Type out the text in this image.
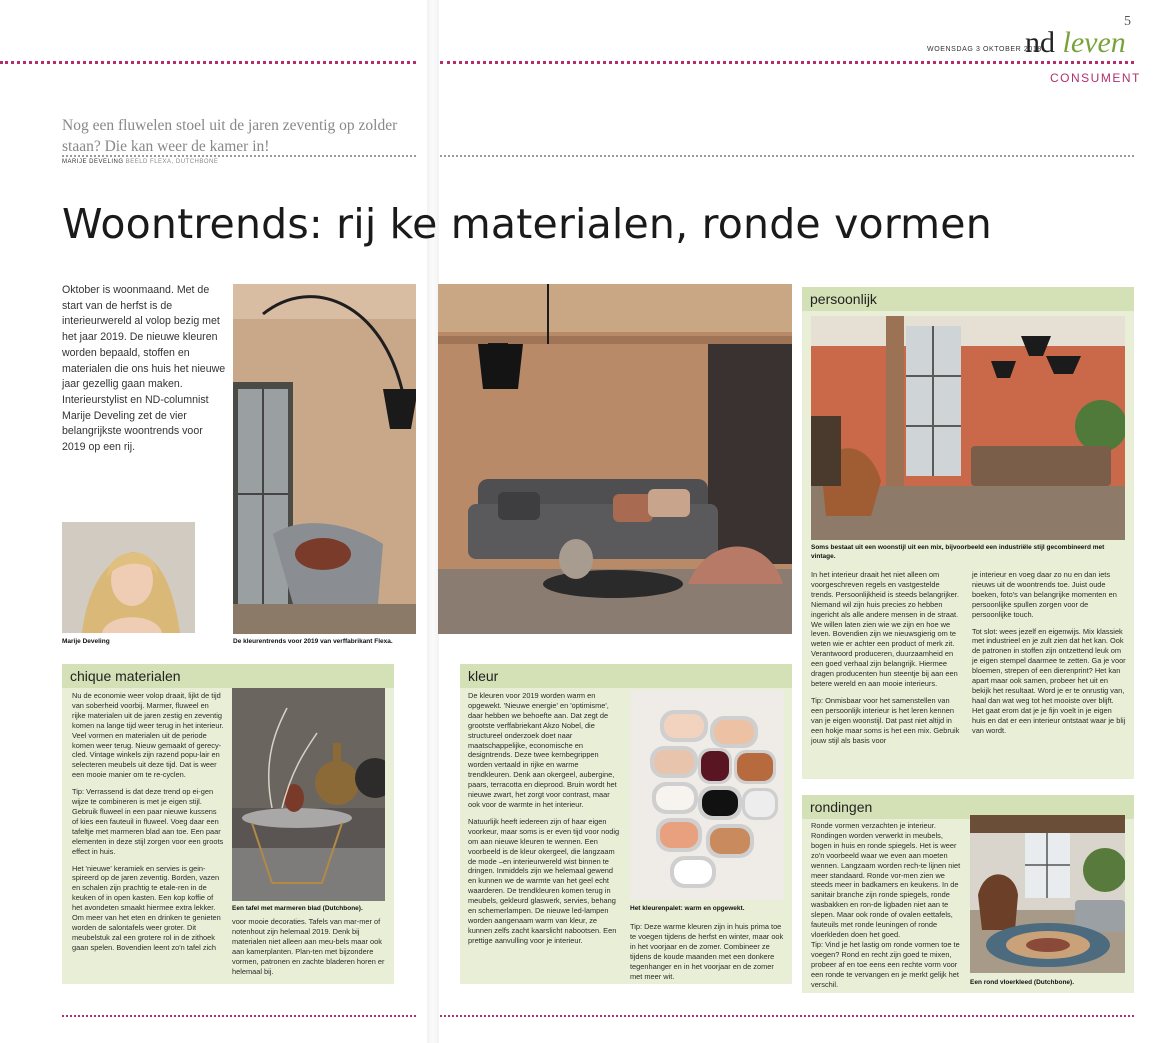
5
WOENSDAG 3 OKTOBER 2018
nd leven
CONSUMENT
Nog een fluwelen stoel uit de jaren zeventig op zolder staan? Die kan weer de kamer in!
MARIJE DEVELING BEELD FLEXA, DUTCHBONE
Woontrends: rij ke materialen, ronde vormen
Oktober is woonmaand. Met de start van de herfst is de interieurwereld al volop bezig met het jaar 2019. De nieuwe kleuren worden bepaald, stoffen en materialen die ons huis het nieuwe jaar gezellig gaan maken. Interieurstylist en ND-columnist Marije Develing zet de vier belangrijkste woontrends voor 2019 op een rij.
Marije Develing	De kleurentrends voor 2019 van verffabrikant Flexa.
persoonlijk
Soms bestaat uit een woonstijl uit een mix, bijvoorbeeld een industriële stijl gecombineerd met vintage.

In het interieur draait het niet alleen om voorgeschreven regels en vastgestelde trends. Persoonlijkheid is steeds belangrijker. Niemand wil zijn huis precies zo hebben ingericht als alle andere mensen in de straat. We willen laten zien wie we zijn en hoe we leven. Bovendien zijn we nieuwsgierig om te weten wie er achter een product of merk zit. Verantwoord produceren, duurzaamheid en een goed verhaal zijn belangrijk. Hiermee dragen producenten hun steentje bij aan een betere wereld en aan mooie interieurs.

Tip: Onmisbaar voor het samenstellen van een persoonlijk interieur is het leren kennen van je eigen woonstijl. Dat past niet altijd in een hokje maar soms is het een mix. Gebruik jouw stijl als basis voor

je interieur en voeg daar zo nu en dan iets nieuws uit de woontrends toe. Juist oude boeken, foto's van belangrijke momenten en persoonlijke spullen zorgen voor de persoonlijke touch.

Tot slot: wees jezelf en eigenwijs. Mix klassiek met industrieel en je zult zien dat het kan. Ook de patronen in stoffen zijn ontzettend leuk om je eigen stempel daarmee te zetten. Ga je voor bloemen, strepen of een dierenprint? Het kan apart maar ook samen, probeer het uit en bekijk het resultaat. Word je er te onrustig van, haal dan wat weg tot het mooiste over blijft. Het gaat erom dat je je fijn voelt in je eigen huis en dat er een interieur ontstaat waar je blij van wordt.

chique materialen

Nu de economie weer volop draait, lijkt de tijd van soberheid voorbij. Marmer, fluweel en rijke materialen uit de jaren zestig en zeventig komen na lange tijd weer terug in het interieur. Veel vormen en materialen uit de periode komen weer terug. Nieuw gemaakt of gerecy-cled. Vintage winkels zijn razend popu-lair en selecteren meubels uit deze tijd. Dat is weer een mooie manier om te re-cyclen.

Tip: Verrassend is dat deze trend op ei-gen wijze te combineren is met je eigen stijl. Gebruik fluweel in een paar nieuwe kussens of kies een fauteuil in fluweel. Voeg daar een tafeltje met marmeren blad aan toe. Een paar elementen in deze stijl zorgen voor een groots effect in huis.

Het 'nieuwe' keramiek en servies is gein-spireerd op de jaren zeventig. Borden, vazen en schalen zijn prachtig te etale-ren in de keuken of in open kasten. Een kop koffie of het avondeten smaakt hiermee extra lekker. Om meer van het eten en drinken te genieten worden de salontafels weer groter. Dit meubelstuk zal een grotere rol in de zithoek gaan spelen. Bovendien leent zo'n tafel zich

Een tafel met marmeren blad (Dutchbone).

voor mooie decoraties. Tafels van mar-mer of notenhout zijn helemaal 2019. Denk bij materialen niet alleen aan meu-bels maar ook aan kamerplanten. Plan-ten met bijzondere vormen, patronen en zachte bladeren horen er helemaal bij.

kleur

De kleuren voor 2019 worden warm en opgewekt. 'Nieuwe energie' en 'optimisme', daar hebben we behoefte aan. Dat zegt de grootste verffabriekant Akzo Nobel, die structureel onderzoek doet naar maatschappelijke, economische en designtrends. Deze twee kernbegrippen worden vertaald in rijke en warme trendkleuren. Denk aan okergeel, aubergine, paars, terracotta en dieprood. Bruin wordt het nieuwe zwart, het zorgt voor contrast, maar ook voor de warmte in het interieur.

Natuurlijk heeft iedereen zijn of haar eigen voorkeur, maar soms is er even tijd voor nodig om aan nieuwe kleuren te wennen. Een voorbeeld is de kleur okergeel, die langzaam de mode –en interieurwereld wist binnen te dringen. Inmiddels zijn we helemaal gewend en kunnen we de warmte van het geel echt waarderen. De trendkleuren komen terug in meubels, gekleurd glaswerk, servies, behang en schemerlampen. De nieuwe led-lampen worden aangenaam warm van kleur, ze kunnen zelfs zacht kaarslicht nabootsen. Een prettige aanvulling voor je interieur.

Het kleurenpalet: warm en opgewekt.

Tip: Deze warme kleuren zijn in huis prima toe te voegen tijdens de herfst en winter, maar ook in het voorjaar en de zomer. Combineer ze tijdens de koude maanden met een donkere tegenhanger en in het voorjaar en de zomer met meer wit.

rondingen

Ronde vormen verzachten je interieur. Rondingen worden verwerkt in meubels, bogen in huis en ronde spiegels. Het is weer zo'n voorbeeld waar we even aan moeten wennen. Langzaam worden rech-te lijnen niet meer standaard. Ronde vor-men zien we steeds meer in badkamers en keukens. In de sanitair branche zijn ronde spiegels, ronde wasbakken en ron-de ligbaden niet aan te slepen. Maar ook ronde of ovalen eettafels, fauteuils met ronde leuningen of ronde vloerkleden doen het goed.

Tip: Vind je het lastig om ronde vormen toe te voegen? Rond en recht zijn goed te mixen, probeer af en toe eens een rechte vorm voor een ronde te vervangen en je merkt gelijk het verschil.	Een rond vloerkleed (Dutchbone).
